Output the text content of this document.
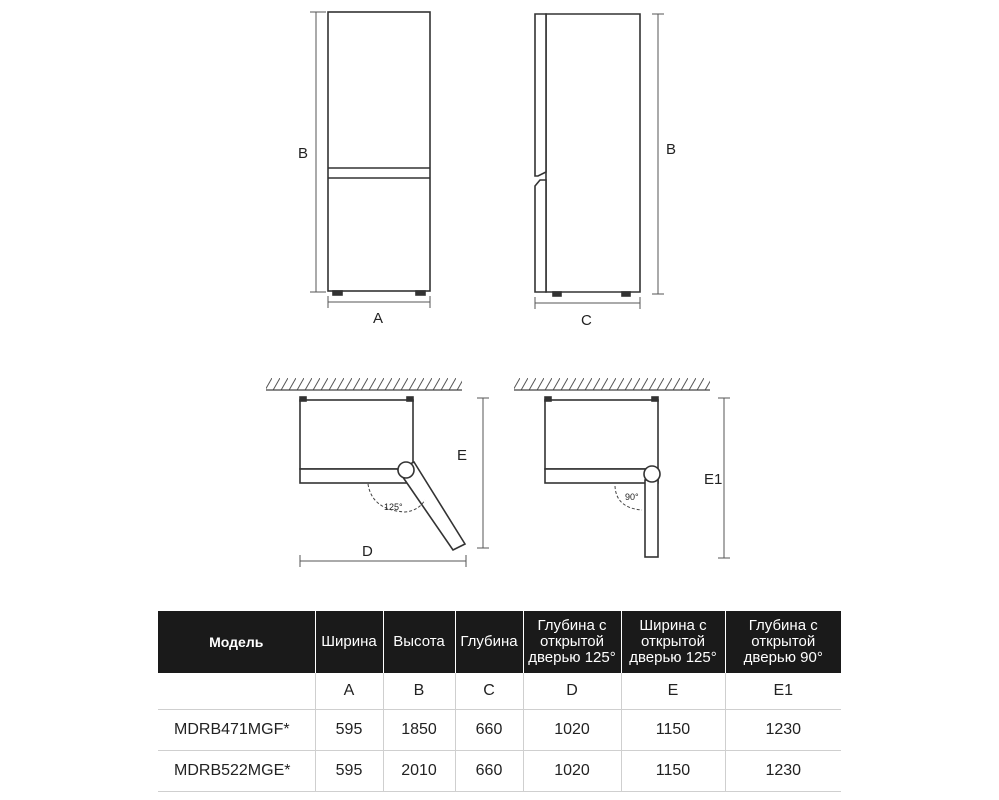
B
A
B
C
125°
E
D
90°
E1
Модель	Ширина	Высота	Глубина	Глубина с
открытой
дверью 125°	Ширина с
открытой
дверью 125°	Глубина с
открытой
дверью 90°
	A	B	C	D	E	E1
MDRB471MGF*	595	1850	660	1020	1150	1230
MDRB522MGE*	595	2010	660	1020	1150	1230
